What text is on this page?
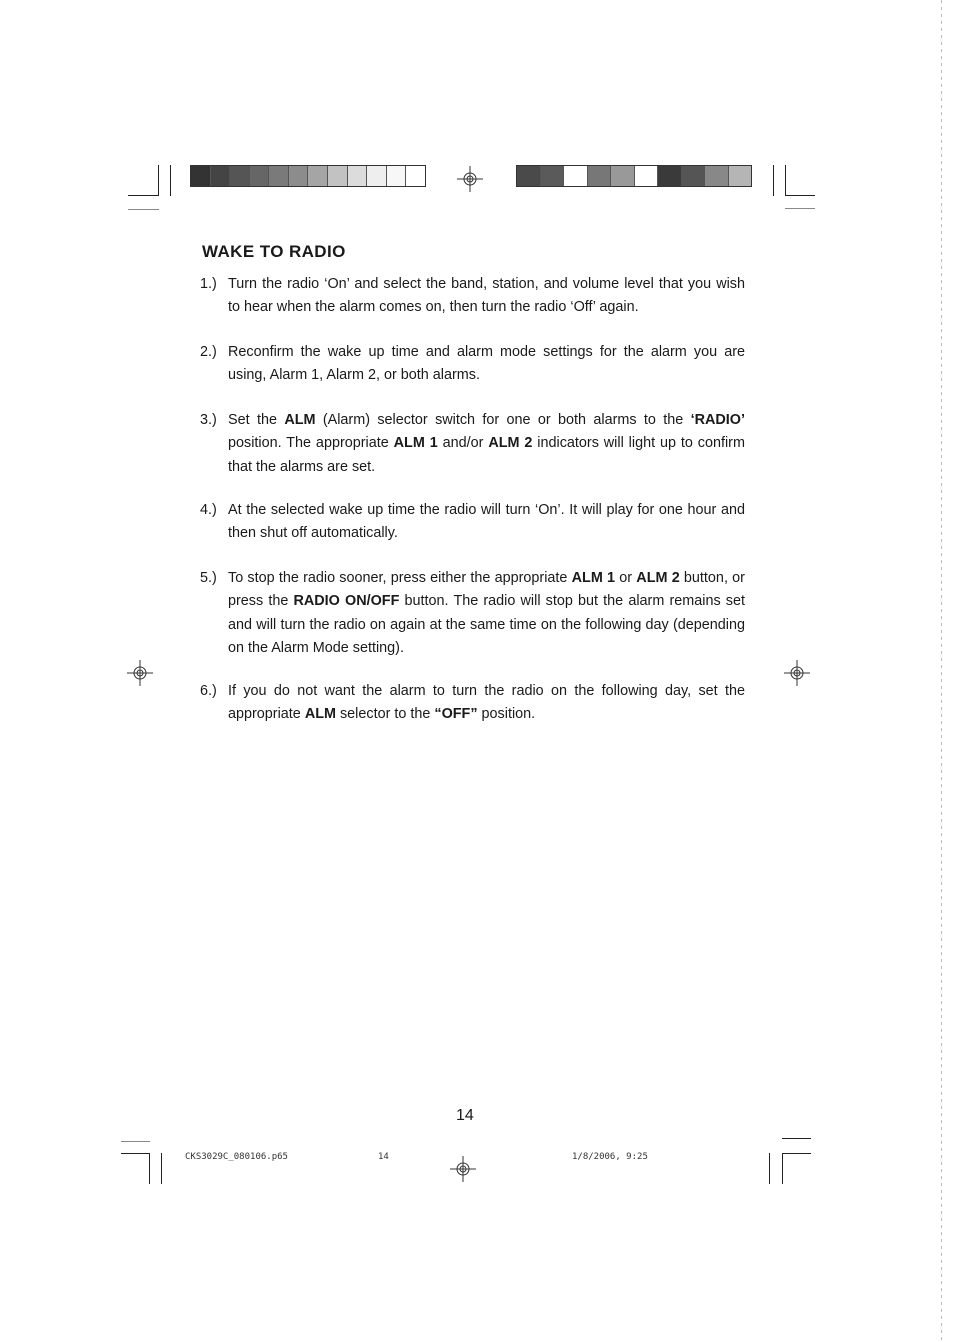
WAKE TO RADIO
1.) Turn the radio ‘On’ and select the band, station, and volume level that you wish to hear when the alarm comes on, then turn the radio ‘Off’ again.
2.) Reconfirm the wake up time and alarm mode settings for the alarm you are using, Alarm 1, Alarm 2, or both alarms.
3.) Set the ALM (Alarm) selector switch for one or both alarms to the ‘RADIO’ position. The appropriate ALM 1 and/or ALM 2 indicators will light up to confirm that the alarms are set.
4.) At the selected wake up time the radio will turn ‘On’. It will play for one hour and then shut off automatically.
5.) To stop the radio sooner, press either the appropriate ALM 1 or ALM 2 button, or press the RADIO ON/OFF button. The radio will stop but the alarm remains set and will turn the radio on again at the same time on the following day (depending on the Alarm Mode setting).
6.) If you do not want the alarm to turn the radio on the following day, set the appropriate ALM selector to the “OFF” position.
14
CKS3029C_080106.p65	14	1/8/2006, 9:25
